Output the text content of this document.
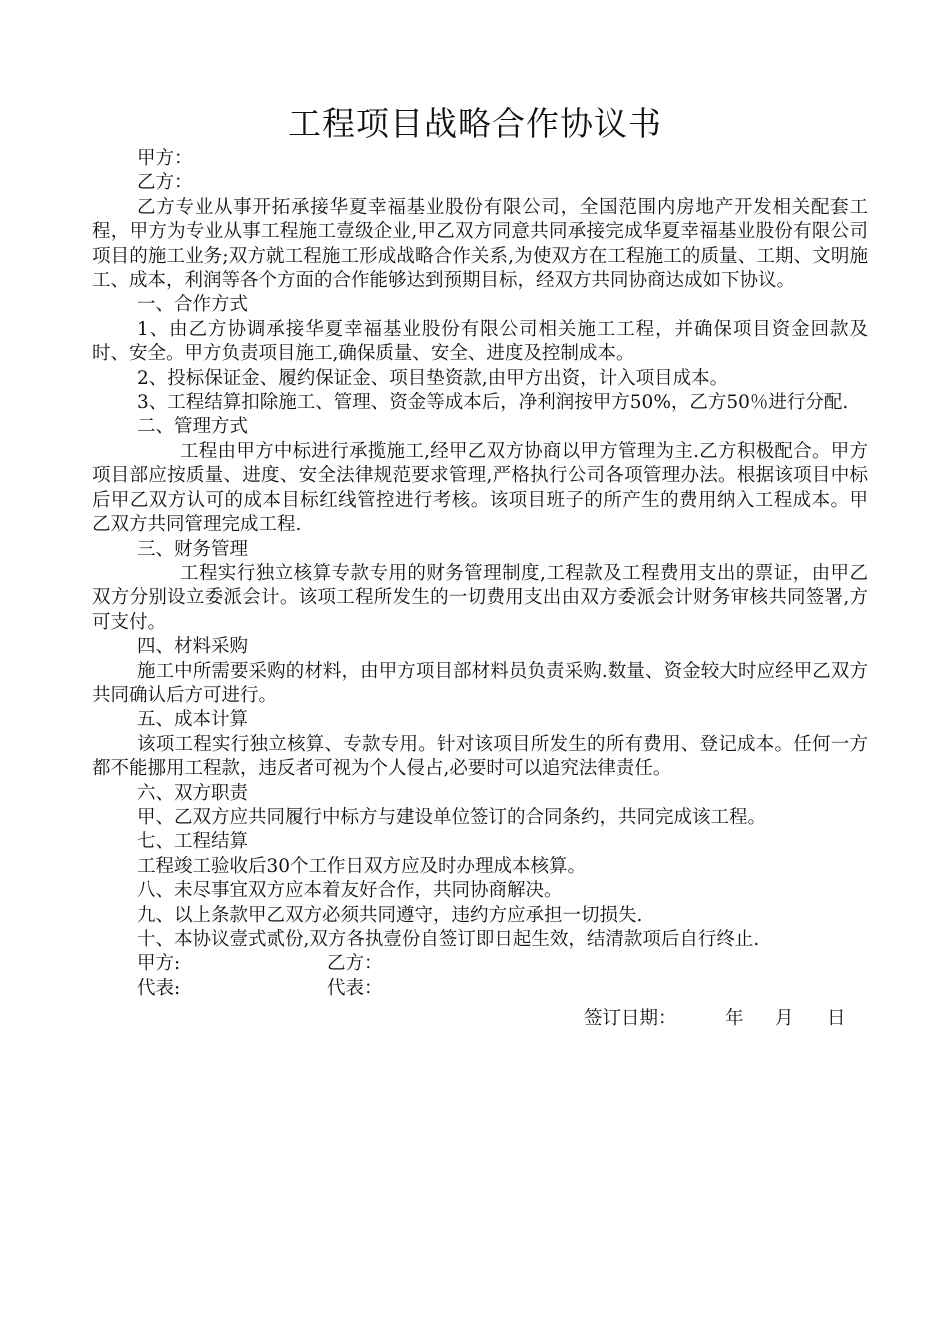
工程项目战略合作协议书

甲方：

乙方：

乙方专业从事开拓承接华夏幸福基业股份有限公司，全国范围内房地产开发相关配套工程，甲方为专业从事工程施工壹级企业,甲乙双方同意共同承接完成华夏幸福基业股份有限公司项目的施工业务;双方就工程施工形成战略合作关系,为使双方在工程施工的质量、工期、文明施工、成本，利润等各个方面的合作能够达到预期目标，经双方共同协商达成如下协议。

一、合作方式

1、由乙方协调承接华夏幸福基业股份有限公司相关施工工程，并确保项目资金回款及时、安全。甲方负责项目施工,确保质量、安全、进度及控制成本。

2、投标保证金、履约保证金、项目垫资款,由甲方出资，计入项目成本。

3、工程结算扣除施工、管理、资金等成本后，净利润按甲方50%，乙方50％进行分配.

二、管理方式

工程由甲方中标进行承揽施工,经甲乙双方协商以甲方管理为主.乙方积极配合。甲方项目部应按质量、进度、安全法律规范要求管理,严格执行公司各项管理办法。根据该项目中标后甲乙双方认可的成本目标红线管控进行考核。该项目班子的所产生的费用纳入工程成本。甲乙双方共同管理完成工程.

三、财务管理

工程实行独立核算专款专用的财务管理制度,工程款及工程费用支出的票证，由甲乙双方分别设立委派会计。该项工程所发生的一切费用支出由双方委派会计财务审核共同签署,方可支付。

四、材料采购

施工中所需要采购的材料，由甲方项目部材料员负责采购.数量、资金较大时应经甲乙双方共同确认后方可进行。

五、成本计算

该项工程实行独立核算、专款专用。针对该项目所发生的所有费用、登记成本。任何一方都不能挪用工程款，违反者可视为个人侵占,必要时可以追究法律责任。

六、双方职责

甲、乙双方应共同履行中标方与建设单位签订的合同条约，共同完成该工程。

七、工程结算

工程竣工验收后30个工作日双方应及时办理成本核算。

八、未尽事宜双方应本着友好合作，共同协商解决。

九、以上条款甲乙双方必须共同遵守，违约方应承担一切损失.

十、本协议壹式贰份,双方各执壹份自签订即日起生效，结清款项后自行终止.

甲方:	乙方：
代表:	代表：
签订日期：	年 月 日
